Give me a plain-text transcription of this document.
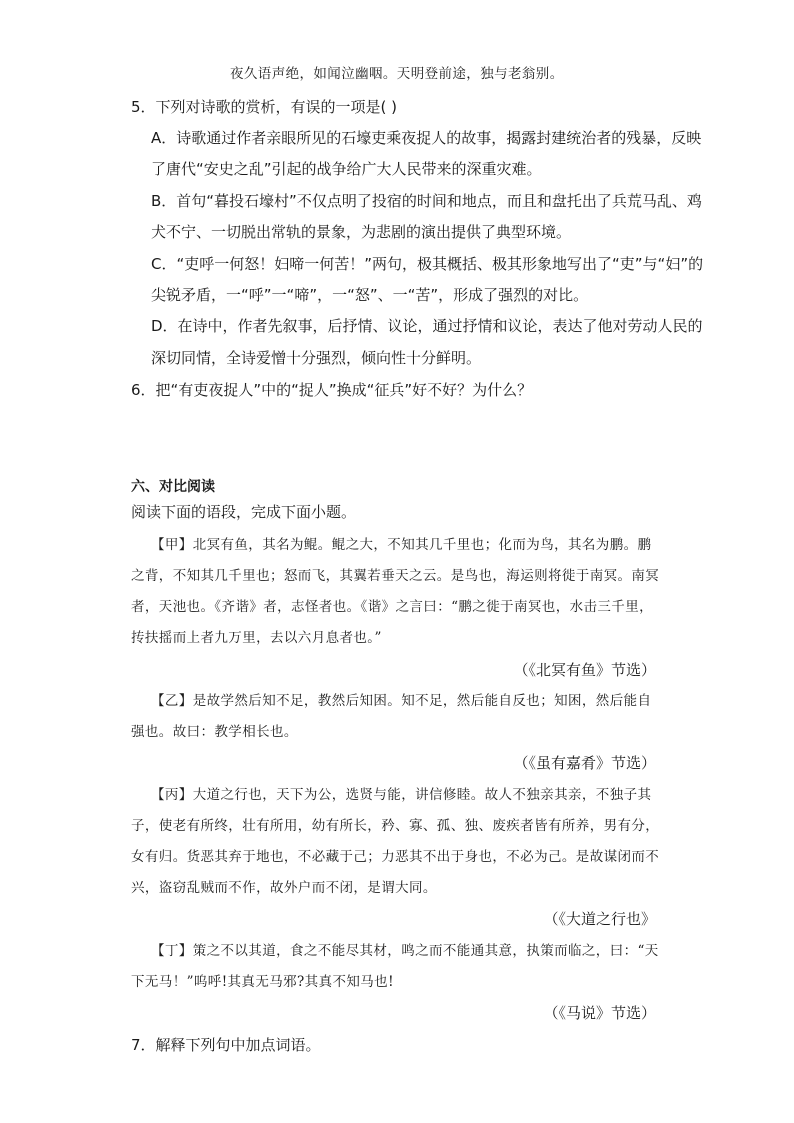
夜久语声绝，如闻泣幽咽。天明登前途，独与老翁别。
5．下列对诗歌的赏析，有误的一项是( )
A．诗歌通过作者亲眼所见的石壕吏乘夜捉人的故事，揭露封建统治者的残暴，反映
了唐代“安史之乱”引起的战争给广大人民带来的深重灾难。
B．首句“暮投石壕村”不仅点明了投宿的时间和地点，而且和盘托出了兵荒马乱、鸡
犬不宁、一切脱出常轨的景象，为悲剧的演出提供了典型环境。
C．“吏呼一何怒！妇啼一何苦！”两句，极其概括、极其形象地写出了“吏”与“妇”的
尖锐矛盾，一“呼”一“啼”，一“怒”、一“苦”，形成了强烈的对比。
D．在诗中，作者先叙事，后抒情、议论，通过抒情和议论，表达了他对劳动人民的
深切同情，全诗爱憎十分强烈，倾向性十分鲜明。
6．把“有吏夜捉人”中的“捉人”换成“征兵”好不好？为什么？
六、对比阅读
阅读下面的语段，完成下面小题。
【甲】北冥有鱼，其名为鲲。鲲之大，不知其几千里也；化而为鸟，其名为鹏。鹏
之背，不知其几千里也；怒而飞，其翼若垂天之云。是鸟也，海运则将徙于南冥。南冥
者，天池也。《齐谐》者，志怪者也。《谐》之言曰：“鹏之徙于南冥也，水击三千里，
抟扶摇而上者九万里，去以六月息者也。”
（《北冥有鱼》节选）
【乙】是故学然后知不足，教然后知困。知不足，然后能自反也；知困，然后能自
强也。故曰：教学相长也。
（《虽有嘉肴》节选）
【丙】大道之行也，天下为公，选贤与能，讲信修睦。故人不独亲其亲，不独子其
子，使老有所终，壮有所用，幼有所长，矜、寡、孤、独、废疾者皆有所养，男有分，
女有归。货恶其弃于地也，不必藏于己；力恶其不出于身也，不必为己。是故谋闭而不
兴，盗窃乱贼而不作，故外户而不闭，是谓大同。
（《大道之行也》
【丁】策之不以其道，食之不能尽其材，鸣之而不能通其意，执策而临之，曰：“天
下无马！”呜呼!其真无马邪?其真不知马也!
（《马说》节选）
7．解释下列句中加点词语。
